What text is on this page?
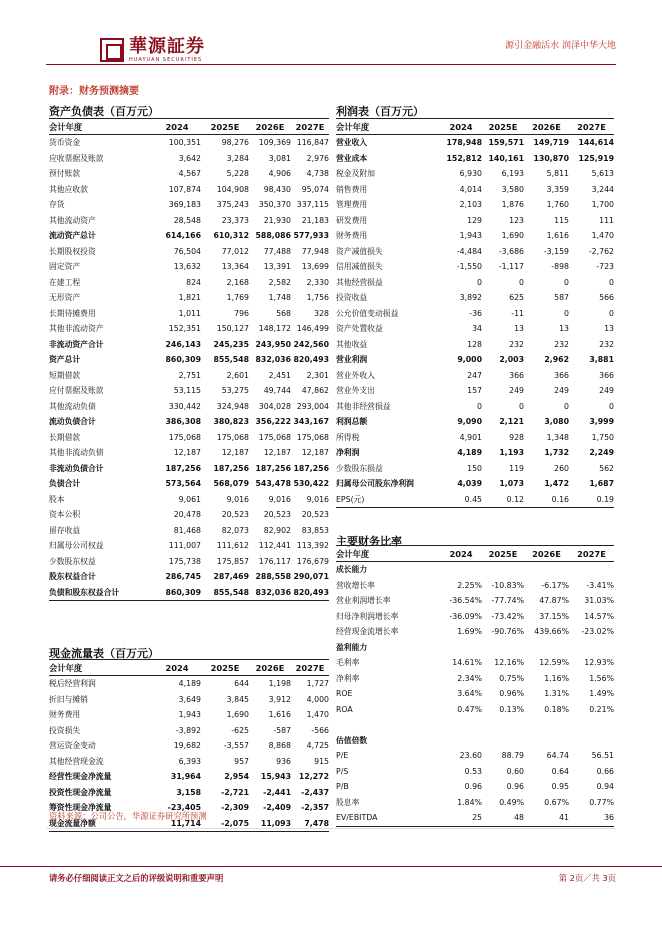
華源証券
HUAYUAN SECURITIES
源引金融活水 润泽中华大地
附录：财务预测摘要
资产负债表（百万元）	利润表（百万元）
主要财务比率
现金流量表（百万元）
会计年度	2024	2025E	2026E	2027E
货币资金	100,351	98,276	109,369	116,847
应收票据及账款	3,642	3,284	3,081	2,976
预付账款	4,567	5,228	4,906	4,738
其他应收款	107,874	104,908	98,430	95,074
存货	369,183	375,243	350,370	337,115
其他流动资产	28,548	23,373	21,930	21,183
流动资产总计	614,166	610,312	588,086	577,933
长期股权投资	76,504	77,012	77,488	77,948
固定资产	13,632	13,364	13,391	13,699
在建工程	824	2,168	2,582	2,330
无形资产	1,821	1,769	1,748	1,756
长期待摊费用	1,011	796	568	328
其他非流动资产	152,351	150,127	148,172	146,499
非流动资产合计	246,143	245,235	243,950	242,560
资产总计	860,309	855,548	832,036	820,493
短期借款	2,751	2,601	2,451	2,301
应付票据及账款	53,115	53,275	49,744	47,862
其他流动负债	330,442	324,948	304,028	293,004
流动负债合计	386,308	380,823	356,222	343,167
长期借款	175,068	175,068	175,068	175,068
其他非流动负债	12,187	12,187	12,187	12,187
非流动负债合计	187,256	187,256	187,256	187,256
负债合计	573,564	568,079	543,478	530,422
股本	9,061	9,016	9,016	9,016
资本公积	20,478	20,523	20,523	20,523
留存收益	81,468	82,073	82,902	83,853
归属母公司权益	111,007	111,612	112,441	113,392
少数股东权益	175,738	175,857	176,117	176,679
股东权益合计	286,745	287,469	288,558	290,071
负债和股东权益合计	860,309	855,548	832,036	820,493
会计年度	2024	2025E	2026E	2027E
营业收入	178,948	159,571	149,719	144,614
营业成本	152,812	140,161	130,870	125,919
税金及附加	6,930	6,193	5,811	5,613
销售费用	4,014	3,580	3,359	3,244
管理费用	2,103	1,876	1,760	1,700
研发费用	129	123	115	111
财务费用	1,943	1,690	1,616	1,470
资产减值损失	-4,484	-3,686	-3,159	-2,762
信用减值损失	-1,550	-1,117	-898	-723
其他经营损益	0	0	0	0
投资收益	3,892	625	587	566
公允价值变动损益	-36	-11	0	0
资产处置收益	34	13	13	13
其他收益	128	232	232	232
营业利润	9,000	2,003	2,962	3,881
营业外收入	247	366	366	366
营业外支出	157	249	249	249
其他非经营损益	0	0	0	0
利润总额	9,090	2,121	3,080	3,999
所得税	4,901	928	1,348	1,750
净利润	4,189	1,193	1,732	2,249
少数股东损益	150	119	260	562
归属母公司股东净利润	4,039	1,073	1,472	1,687
EPS(元)	0.45	0.12	0.16	0.19
会计年度	2024	2025E	2026E	2027E
成长能力				
营收增长率	2.25%	-10.83%	-6.17%	-3.41%
营业利润增长率	-36.54%	-77.74%	47.87%	31.03%
归母净利润增长率	-36.09%	-73.42%	37.15%	14.57%
经营现金流增长率	1.69%	-90.76%	439.66%	-23.02%
盈利能力				
毛利率	14.61%	12.16%	12.59%	12.93%
净利率	2.34%	0.75%	1.16%	1.56%
ROE	3.64%	0.96%	1.31%	1.49%
ROA	0.47%	0.13%	0.18%	0.21%

估值倍数				
P/E	23.60	88.79	64.74	56.51
P/S	0.53	0.60	0.64	0.66
P/B	0.96	0.96	0.95	0.94
股息率	1.84%	0.49%	0.67%	0.77%
EV/EBITDA	25	48	41	36
会计年度	2024	2025E	2026E	2027E
税后经营利润	4,189	644	1,198	1,727
折旧与摊销	3,649	3,845	3,912	4,000
财务费用	1,943	1,690	1,616	1,470
投资损失	-3,892	-625	-587	-566
营运资金变动	19,682	-3,557	8,868	4,725
其他经营现金流	6,393	957	936	915
经营性现金净流量	31,964	2,954	15,943	12,272
投资性现金净流量	3,158	-2,721	-2,441	-2,437
筹资性现金净流量	-23,405	-2,309	-2,409	-2,357
现金流量净额	11,714	-2,075	11,093	7,478
资料来源：公司公告，华源证券研究所预测
请务必仔细阅读正文之后的评级说明和重要声明	第 2页／共 3页
